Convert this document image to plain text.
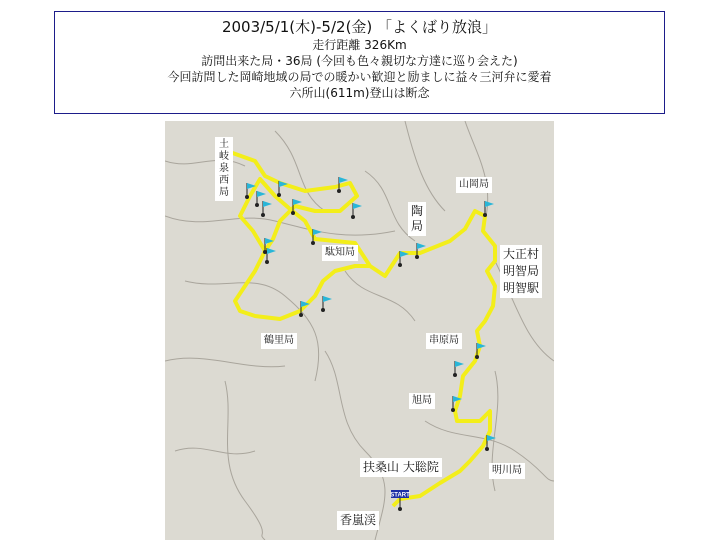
2003/5/1(木)-5/2(金) 「よくばり放浪」
走行距離 326Km
訪問出来た局・36局 (今回も色々親切な方達に巡り会えた)
今回訪問した岡崎地域の局での暖かい歓迎と励ましに益々三河弁に愛着
六所山(611m)登山は断念
START
土岐泉西局
山岡局
陶局
駄知局	大正村
明智局
明智駅
鶴里局	串原局
旭局
扶桑山 大聡院	明川局
香嵐渓
